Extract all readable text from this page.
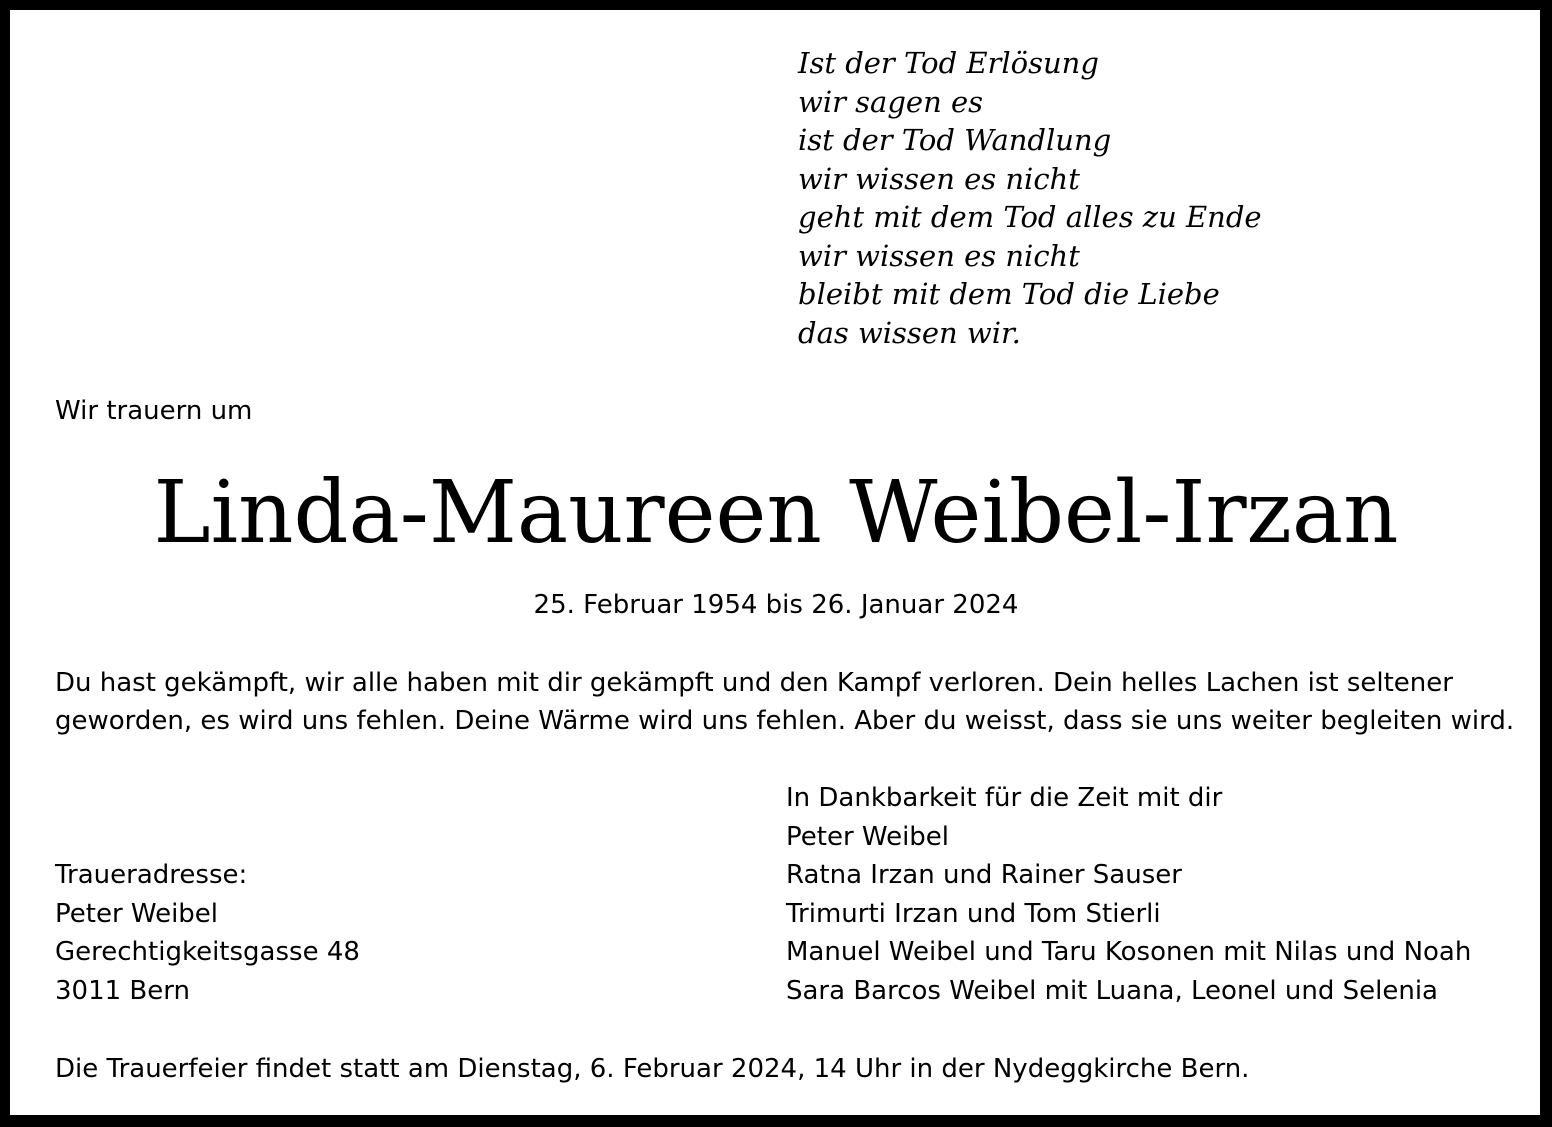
Ist der Tod Erlösung
wir sagen es
ist der Tod Wandlung
wir wissen es nicht
geht mit dem Tod alles zu Ende
wir wissen es nicht
bleibt mit dem Tod die Liebe
das wissen wir.
Wir trauern um
Linda-Maureen Weibel-Irzan
25. Februar 1954 bis 26. Januar 2024
Du hast gekämpft, wir alle haben mit dir gekämpft und den Kampf verloren. Dein helles Lachen ist seltener
geworden, es wird uns fehlen. Deine Wärme wird uns fehlen. Aber du weisst, dass sie uns weiter begleiten wird.
In Dankbarkeit für die Zeit mit dir
Peter Weibel
Ratna Irzan und Rainer Sauser
Trimurti Irzan und Tom Stierli
Manuel Weibel und Taru Kosonen mit Nilas und Noah
Sara Barcos Weibel mit Luana, Leonel und Selenia
Traueradresse:
Peter Weibel
Gerechtigkeitsgasse 48
3011 Bern
Die Trauerfeier findet statt am Dienstag, 6. Februar 2024, 14 Uhr in der Nydeggkirche Bern.
